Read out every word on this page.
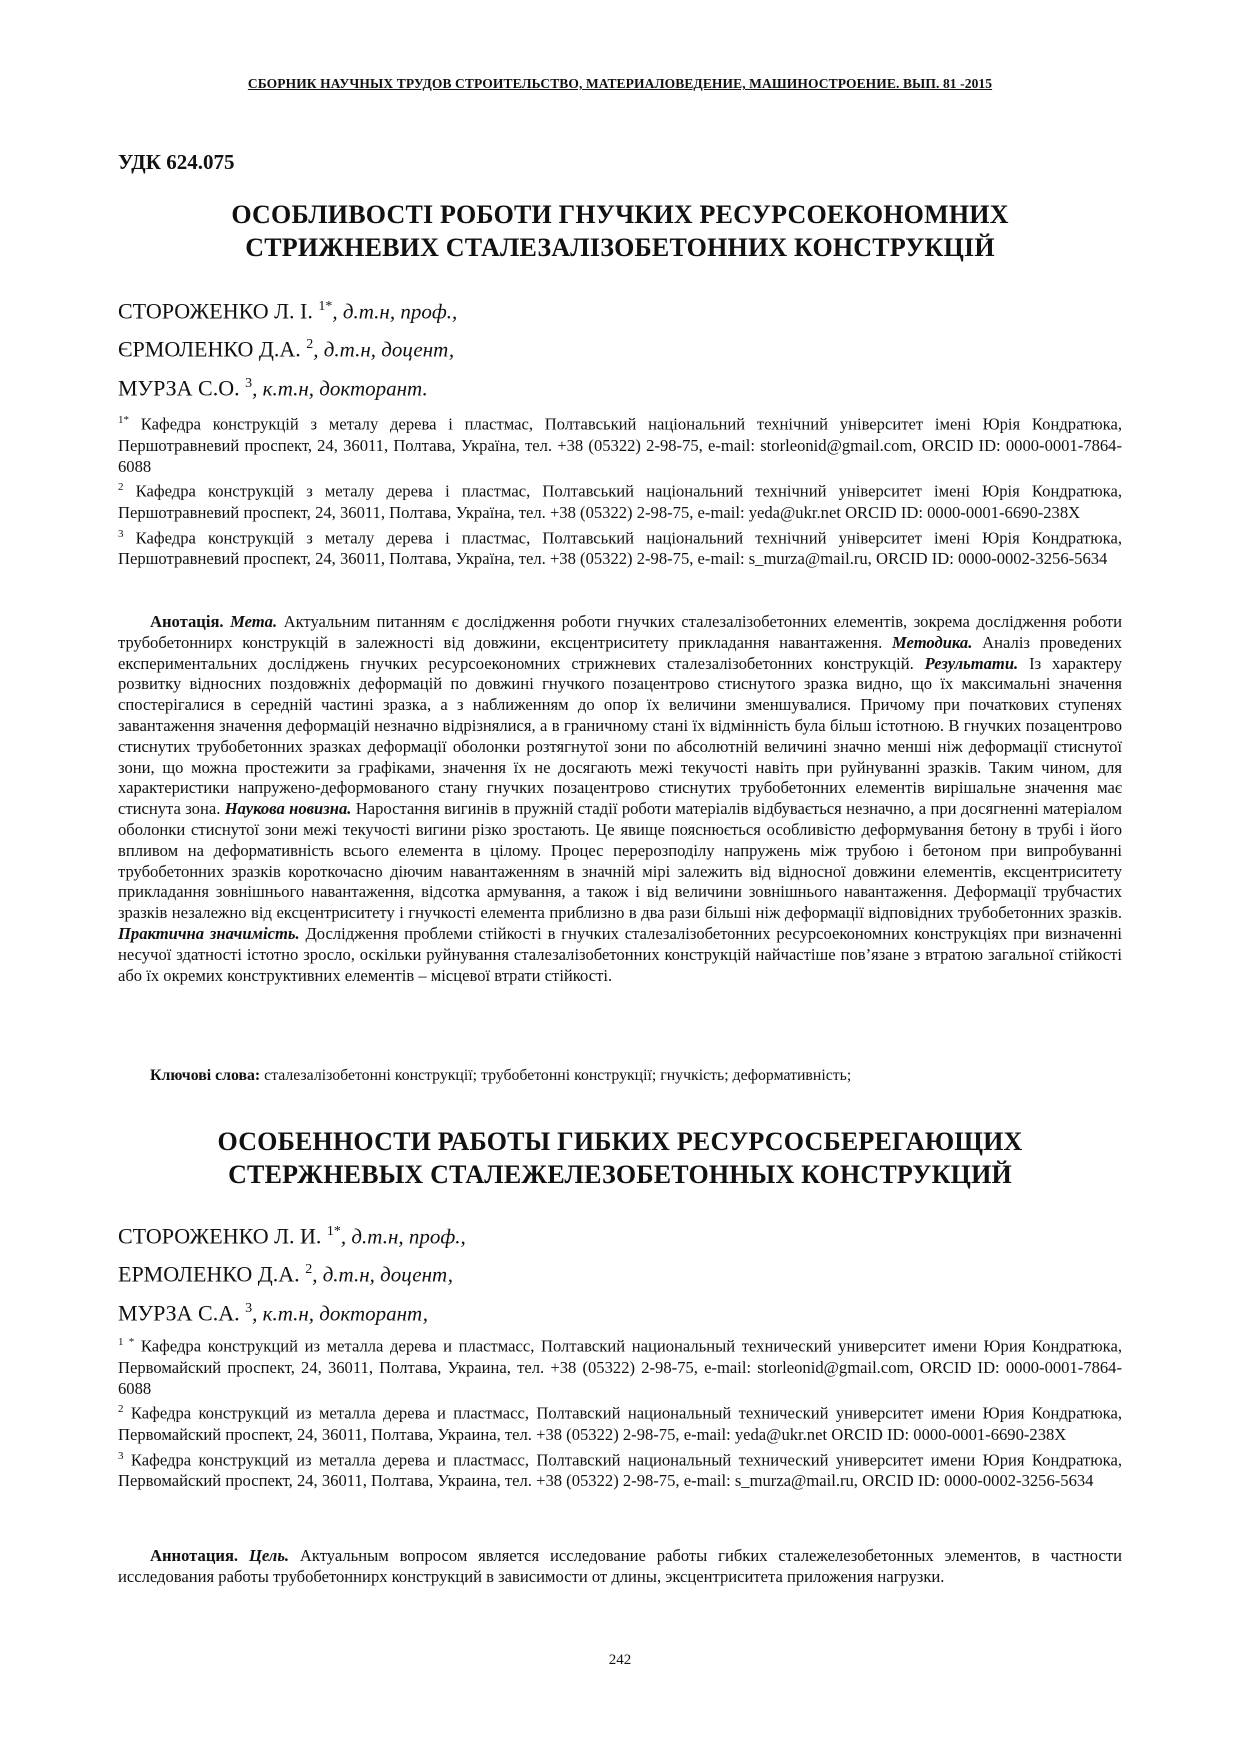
СБОРНИК НАУЧНЫХ ТРУДОВ СТРОИТЕЛЬСТВО, МАТЕРИАЛОВЕДЕНИЕ, МАШИНОСТРОЕНИЕ. ВЫП. 81 -2015
УДК 624.075
ОСОБЛИВОСТІ РОБОТИ ГНУЧКИХ РЕСУРСОЕКОНОМНИХ
СТРИЖНЕВИХ СТАЛЕЗАЛІЗОБЕТОННИХ КОНСТРУКЦІЙ
СТОРОЖЕНКО Л. І. $^{1*}$, д.т.н, проф.,
ЄРМОЛЕНКО Д.А. $^2$, д.т.н, доцент,
МУРЗА С.О. $^3$, к.т.н, докторант.

$^{1*}$ Кафедра конструкцій з металу дерева і пластмас, Полтавський національний технічний університет імені Юрія Кондратюка, Першотравневий проспект, 24, 36011, Полтава, Україна, тел. +38 (05322) 2-98-75, e-mail: storleonid@gmail.com, ORCID ID: 0000-0001-7864-6088

$^2$ Кафедра конструкцій з металу дерева і пластмас, Полтавський національний технічний університет імені Юрія Кондратюка, Першотравневий проспект, 24, 36011, Полтава, Україна, тел. +38 (05322) 2-98-75, e-mail: yeda@ukr.net ORCID ID: 0000-0001-6690-238X

$^3$ Кафедра конструкцій з металу дерева і пластмас, Полтавський національний технічний університет імені Юрія Кондратюка, Першотравневий проспект, 24, 36011, Полтава, Україна, тел. +38 (05322) 2-98-75, e-mail: s_murza@mail.ru, ORCID ID: 0000-0002-3256-5634

Анотація. Мета. Актуальним питанням є дослідження роботи гнучких сталезалізобетонних елементів, зокрема дослідження роботи трубобетоннирх конструкцій в залежності від довжини, ексцентриситету прикладання навантаження. Методика. Аналіз проведених експериментальних досліджень гнучких ресурсоекономних стрижневих сталезалізобетонних конструкцій. Результати. Із характеру розвитку відносних поздовжніх деформацій по довжині гнучкого позацентрово стиснутого зразка видно, що їх максимальні значення спостерігалися в середній частині зразка, а з наближенням до опор їх величини зменшувалися. Причому при початкових ступенях завантаження значення деформацій незначно відрізнялися, а в граничному стані їх відмінність була більш істотною. В гнучких позацентрово стиснутих трубобетонних зразках деформації оболонки розтягнутої зони по абсолютній величині значно менші ніж деформації стиснутої зони, що можна простежити за графіками, значення їх не досягають межі текучості навіть при руйнуванні зразків. Таким чином, для характеристики напружено-деформованого стану гнучких позацентрово стиснутих трубобетонних елементів вирішальне значення має стиснута зона. Наукова новизна. Наростання вигинів в пружній стадії роботи матеріалів відбувається незначно, а при досягненні матеріалом оболонки стиснутої зони межі текучості вигини різко зростають. Це явище пояснюється особливістю деформування бетону в трубі і його впливом на деформативність всього елемента в цілому. Процес перерозподілу напружень між трубою і бетоном при випробуванні трубобетонних зразків короткочасно діючим навантаженням в значній мірі залежить від відносної довжини елементів, ексцентриситету прикладання зовнішнього навантаження, відсотка армування, а також і від величини зовнішнього навантаження. Деформації трубчастих зразків незалежно від ексцентриситету і гнучкості елемента приблизно в два рази більші ніж деформації відповідних трубобетонних зразків. Практична значимість. Дослідження проблеми стійкості в гнучких сталезалізобетонних ресурсоекономних конструкціях при визначенні несучої здатності істотно зросло, оскільки руйнування сталезалізобетонних конструкцій найчастіше пов’язане з втратою загальної стійкості або їх окремих конструктивних елементів – місцевої втрати стійкості.

Ключові слова: сталезалізобетонні конструкції; трубобетонні конструкції; гнучкість; деформативність;
ОСОБЕННОСТИ РАБОТЫ ГИБКИХ РЕСУРСОСБЕРЕГАЮЩИХ
СТЕРЖНЕВЫХ СТАЛЕЖЕЛЕЗОБЕТОННЫХ КОНСТРУКЦИЙ
СТОРОЖЕНКО Л. И. $^{1*}$, д.т.н, проф.,
ЕРМОЛЕНКО Д.А. $^2$, д.т.н, доцент,
МУРЗА С.А. $^3$, к.т.н, докторант,

$^{1 *}$ Кафедра конструкций из металла дерева и пластмасс, Полтавский национальный технический университет имени Юрия Кондратюка, Первомайский проспект, 24, 36011, Полтава, Украина, тел. +38 (05322) 2-98-75, e-mail: storleonid@gmail.com, ORCID ID: 0000-0001-7864-6088

$^2$ Кафедра конструкций из металла дерева и пластмасс, Полтавский национальный технический университет имени Юрия Кондратюка, Первомайский проспект, 24, 36011, Полтава, Украина, тел. +38 (05322) 2-98-75, e-mail: yeda@ukr.net ORCID ID: 0000-0001-6690-238X

$^3$ Кафедра конструкций из металла дерева и пластмасс, Полтавский национальный технический университет имени Юрия Кондратюка, Первомайский проспект, 24, 36011, Полтава, Украина, тел. +38 (05322) 2-98-75, e-mail: s_murza@mail.ru, ORCID ID: 0000-0002-3256-5634

Аннотация. Цель. Актуальным вопросом является исследование работы гибких сталежелезобетонных элементов, в частности исследования работы трубобетоннирх конструкций в зависимости от длины, эксцентриситета приложения нагрузки.

242
